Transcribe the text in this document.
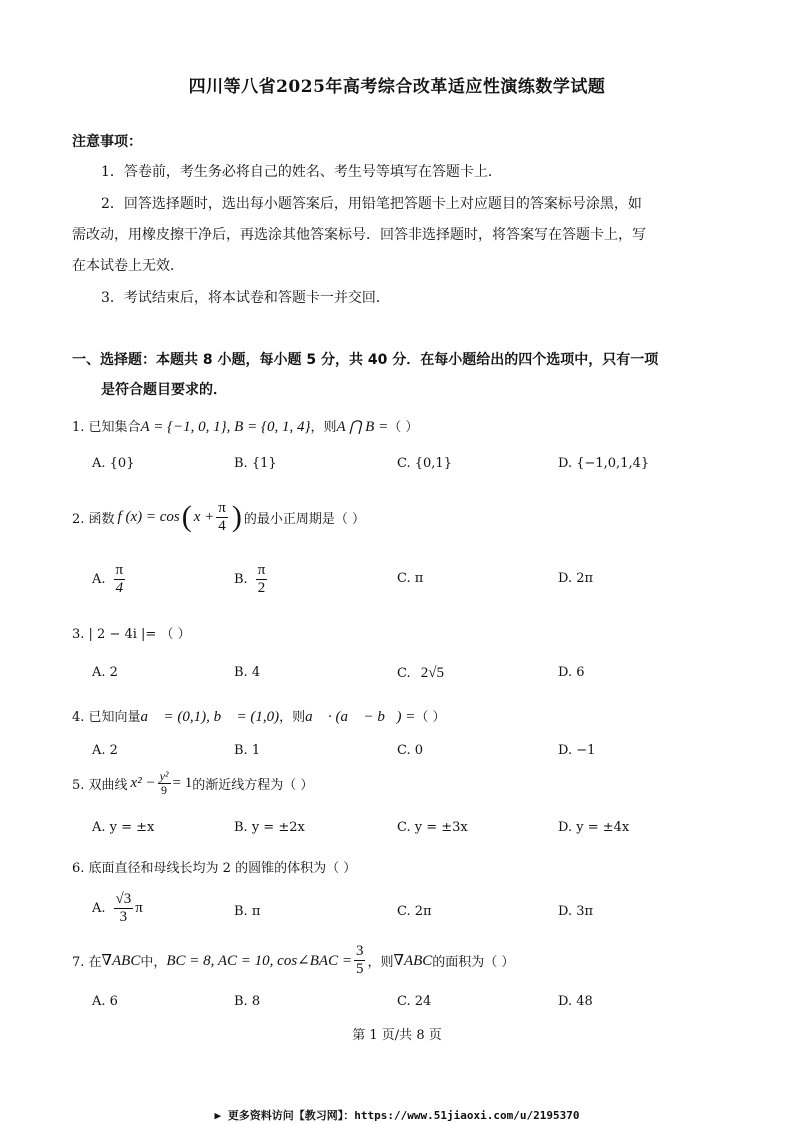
四川等八省2025年高考综合改革适应性演练数学试题
注意事项：
1．答卷前，考生务必将自己的姓名、考生号等填写在答题卡上．
2．回答选择题时，选出每小题答案后，用铅笔把答题卡上对应题目的答案标号涂黑，如
需改动，用橡皮擦干净后，再选涂其他答案标号．回答非选择题时，将答案写在答题卡上，写
在本试卷上无效．
3．考试结束后，将本试卷和答题卡一并交回．
一、选择题：本题共 8 小题，每小题 5 分，共 40 分．在每小题给出的四个选项中，只有一项
是符合题目要求的．
1. 已知集合A = {−1, 0, 1}, B = {0, 1, 4}，则A ⋂ B =（ ）
A. {0}	B. {1}	C. {0,1}	D. {−1,0,1,4}
2. 函数 f (x) = cos ( $x + \frac{\pi}{4}$ ) 的最小正周期是（ ）
A. $\frac{\pi}{4}$	B. $\frac{\pi}{2}$	C. π	D. 2π
3. | 2 − 4i |= （ ）
A. 2	B. 4	C. 2√5	D. 6
4. 已知向量a⃗ = (0,1), b⃗ = (1,0)，则a⃗ · (a⃗ − b⃗) =（ ）
A. 2	B. 1	C. 0	D. −1
5. 双曲线 $x^2 - \frac{\text{y²}}{9} = 1$ 的渐近线方程为（ ）
A. y = ±x	B. y = ±2x	C. y = ±3x	D. y = ±4x
6. 底面直径和母线长均为 2 的圆锥的体积为（ ）
A. $\frac{√3}{3}$ π	B. π	C. 2π	D. 3π
7. 在 ∇ABC 中， BC = 8, AC = 10, cos∠BAC = $\frac{3}{5}$ ，则 ∇ABC 的面积为（ ）
A. 6	B. 8	C. 24	D. 48
第 1 页/共 8 页
▶ 更多资料访问【教习网】：https://www.51jiaoxi.com/u/2195370
